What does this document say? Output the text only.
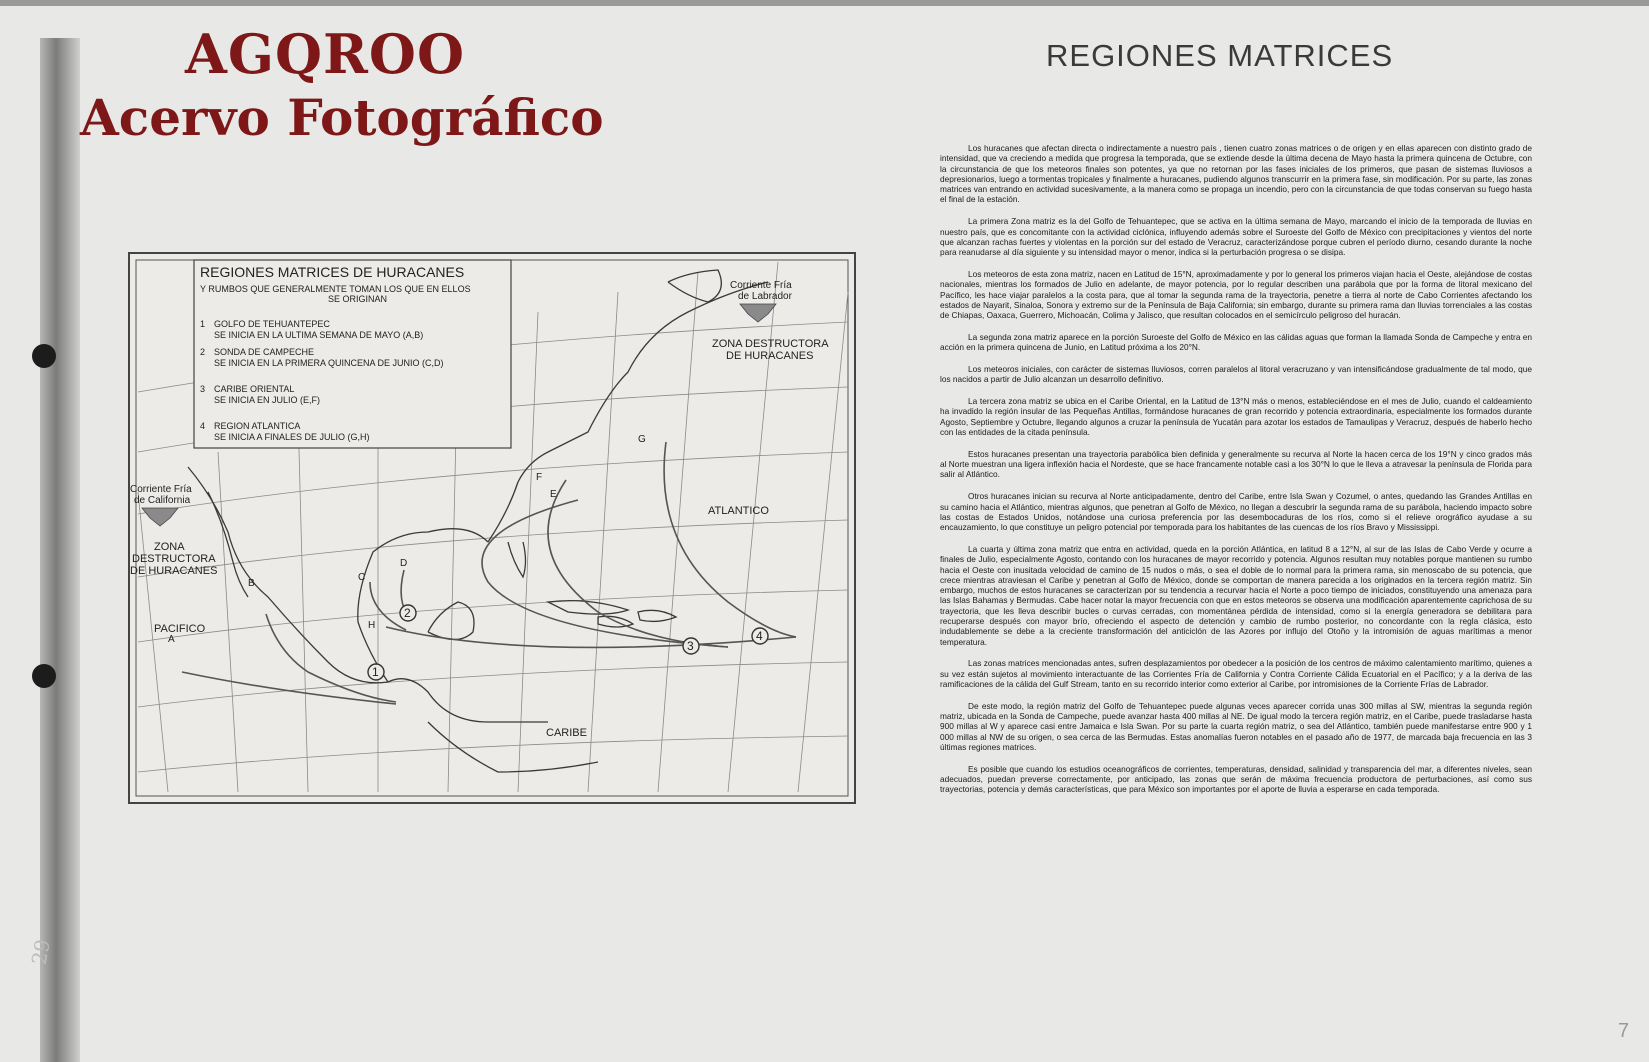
AGQROO
Acervo Fotográfico
REGIONES MATRICES

Los huracanes que afectan directa o indirectamente a nuestro país , tienen cuatro zonas matrices o de origen y en ellas aparecen con distinto grado de intensidad, que va creciendo a medida que progresa la temporada, que se extiende desde la última decena de Mayo hasta la primera quincena de Octubre, con la circunstancia de que los meteoros finales son potentes, ya que no retornan por las fases iniciales de los primeros, que pasan de sistemas lluviosos a depresionarios, luego a tormentas tropicales y finalmente a huracanes, pudiendo algunos transcurrir en la primera fase, sin modificación. Por su parte, las zonas matrices van entrando en actividad sucesivamente, a la manera como se propaga un incendio, pero con la circunstancia de que todas conservan su fuego hasta el final de la estación.

La primera Zona matriz es la del Golfo de Tehuantepec, que se activa en la última semana de Mayo, marcando el inicio de la temporada de lluvias en nuestro país, que es concomitante con la actividad ciclónica, influyendo además sobre el Suroeste del Golfo de México con precipitaciones y vientos del norte que alcanzan rachas fuertes y violentas en la porción sur del estado de Veracruz, caracterizándose porque cubren el período diurno, cesando durante la noche para reanudarse al día siguiente y su intensidad mayor o menor, indica si la perturbación progresa o se disipa.

Los meteoros de esta zona matriz, nacen en Latitud de 15°N, aproximadamente y por lo general los primeros viajan hacia el Oeste, alejándose de costas nacionales, mientras los formados de Julio en adelante, de mayor potencia, por lo regular describen una parábola que por la forma de litoral mexicano del Pacífico, les hace viajar paralelos a la costa para, que al tomar la segunda rama de la trayectoria, penetre a tierra al norte de Cabo Corrientes afectando los estados de Nayarit, Sinaloa, Sonora y extremo sur de la Península de Baja California; sin embargo, durante su primera rama dan lluvias torrenciales a las costas de Chiapas, Oaxaca, Guerrero, Michoacán, Colima y Jalisco, que resultan colocados en el semicírculo peligroso del huracán.

La segunda zona matriz aparece en la porción Suroeste del Golfo de México en las cálidas aguas que forman la llamada Sonda de Campeche y entra en acción en la primera quincena de Junio, en Latitud próxima a los 20°N.

Los meteoros iniciales, con carácter de sistemas lluviosos, corren paralelos al litoral veracruzano y van intensificándose gradualmente de tal modo, que los nacidos a partir de Julio alcanzan un desarrollo definitivo.

La tercera zona matriz se ubica en el Caribe Oriental, en la Latitud de 13°N más o menos, estableciéndose en el mes de Julio, cuando el caldeamiento ha invadido la región insular de las Pequeñas Antillas, formándose huracanes de gran recorrido y potencia extraordinaria, especialmente los formados durante Agosto, Septiembre y Octubre, llegando algunos a cruzar la península de Yucatán para azotar los estados de Tamaulipas y Veracruz, después de haberlo hecho con las entidades de la citada península.

Estos huracanes presentan una trayectoria parabólica bien definida y generalmente su recurva al Norte la hacen cerca de los 19°N y cinco grados más al Norte muestran una ligera inflexión hacia el Nordeste, que se hace francamente notable casi a los 30°N lo que le lleva a atravesar la península de Florida para salir al Atlántico.

Otros huracanes inician su recurva al Norte anticipadamente, dentro del Caribe, entre Isla Swan y Cozumel, o antes, quedando las Grandes Antillas en su camino hacia el Atlántico, mientras algunos, que penetran al Golfo de México, no llegan a descubrir la segunda rama de su parábola, haciendo impacto sobre las costas de Estados Unidos, notándose una curiosa preferencia por las desembocaduras de los ríos, como si el relieve orográfico ayudase a su encauzamiento, lo que constituye un peligro potencial por temporada para los habitantes de las cuencas de los ríos Bravo y Mississippi.

La cuarta y última zona matriz que entra en actividad, queda en la porción Atlántica, en latitud 8 a 12°N, al sur de las Islas de Cabo Verde y ocurre a finales de Julio, especialmente Agosto, contando con los huracanes de mayor recorrido y potencia. Algunos resultan muy notables porque mantienen su rumbo hacia el Oeste con inusitada velocidad de camino de 15 nudos o más, o sea el doble de lo normal para la primera rama, sin menoscabo de su potencia, que crece mientras atraviesan el Caribe y penetran al Golfo de México, donde se comportan de manera parecida a los originados en la tercera región matriz. Sin embargo, muchos de estos huracanes se caracterizan por su tendencia a recurvar hacia el Norte a poco tiempo de iniciados, constituyendo una amenaza para las Islas Bahamas y Bermudas. Cabe hacer notar la mayor frecuencia con que en estos meteoros se observa una modificación aparentemente caprichosa de su trayectoria, que les lleva describir bucles o curvas cerradas, con momentánea pérdida de intensidad, como si la energía generadora se debilitara para recuperarse después con mayor brío, ofreciendo el aspecto de detención y cambio de rumbo posterior, no concordante con la regla clásica, esto indudablemente se debe a la creciente transformación del anticiclón de las Azores por influjo del Otoño y la intromisión de aguas marítimas a menor temperatura.

Las zonas matrices mencionadas antes, sufren desplazamientos por obedecer a la posición de los centros de máximo calentamiento marítimo, quienes a su vez están sujetos al movimiento interactuante de las Corrientes Fría de California y Contra Corriente Cálida Ecuatorial en el Pacífico; y a la deriva de las ramificaciones de la cálida del Gulf Stream, tanto en su recorrido interior como exterior al Caribe, por intromisiones de la Corriente Frías de Labrador.

De este modo, la región matriz del Golfo de Tehuantepec puede algunas veces aparecer corrida unas 300 millas al SW, mientras la segunda región matriz, ubicada en la Sonda de Campeche, puede avanzar hasta 400 millas al NE. De igual modo la tercera región matriz, en el Caribe, puede trasladarse hasta 900 millas al W y aparece casi entre Jamaica e Isla Swan. Por su parte la cuarta región matriz, o sea del Atlántico, también puede manifestarse entre 900 y 1 000 millas al NW de su origen, o sea cerca de las Bermudas. Estas anomalías fueron notables en el pasado año de 1977, de marcada baja frecuencia en las 3 últimas regiones matrices.

Es posible que cuando los estudios oceanográficos de corrientes, temperaturas, densidad, salinidad y transparencia del mar, a diferentes niveles, sean adecuados, puedan preverse correctamente, por anticipado, las zonas que serán de máxima frecuencia productora de perturbaciones, así como sus trayectorias, potencia y demás características, que para México son importantes por el aporte de lluvia a esperarse en cada temporada.

REGIONES MATRICES DE HURACANES
Y RUMBOS QUE GENERALMENTE TOMAN LOS QUE EN ELLOS
SE ORIGINAN
1 GOLFO DE TEHUANTEPEC
SE INICIA EN LA ULTIMA SEMANA DE MAYO (A,B)
2 SONDA DE CAMPECHE
SE INICIA EN LA PRIMERA QUINCENA DE JUNIO (C,D)
3 CARIBE ORIENTAL
SE INICIA EN JULIO (E,F)
4 REGION ATLANTICA
SE INICIA A FINALES DE JULIO (G,H)
Corriente Fría
de Labrador
ZONA DESTRUCTORA
DE HURACANES
Corriente Fría
de California
ZONA
DESTRUCTORA
DE HURACANES
PACIFICO
ATLANTICO
CARIBE
A
B
C
D
E
F
G
H
1
2
3
4
29
7
